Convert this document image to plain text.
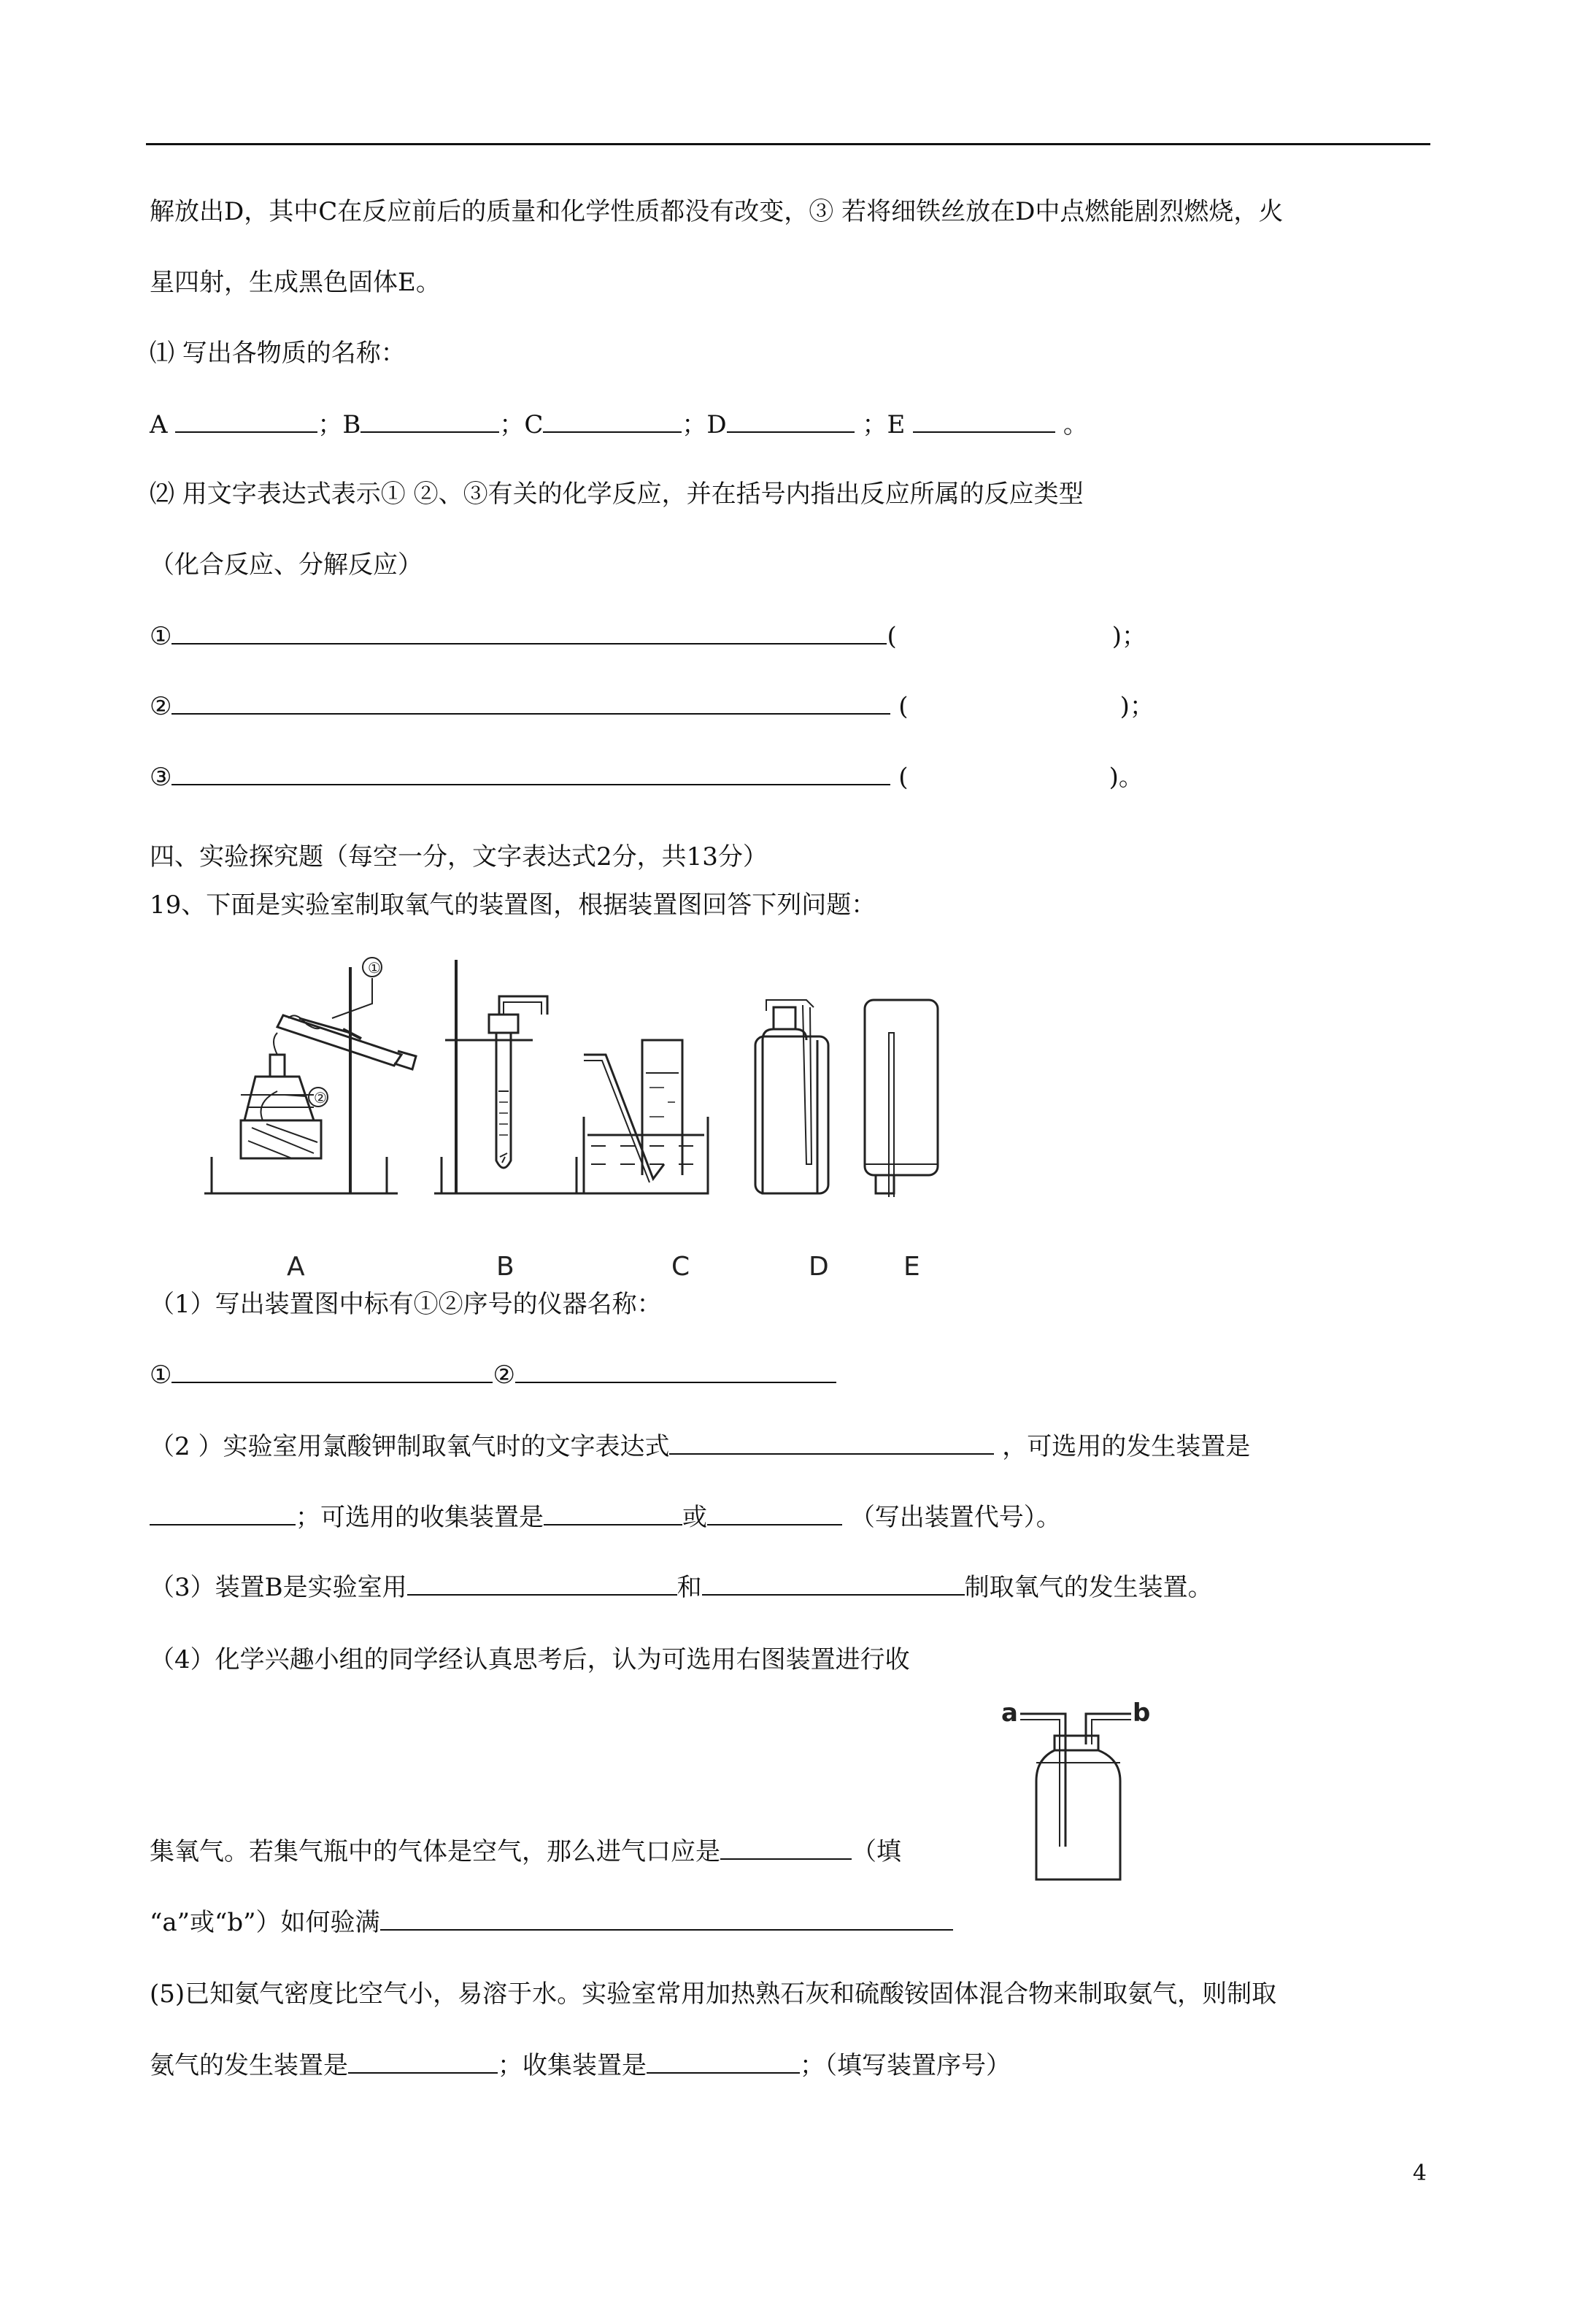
解放出D，其中C在反应前后的质量和化学性质都没有改变，③ 若将细铁丝放在D中点燃能剧烈燃烧，火
星四射，生成黑色固体E。
⑴ 写出各物质的名称：
A	；B	；C	；D	；E	。
⑵ 用文字表达式表示① ②、③有关的化学反应，并在括号内指出反应所属的反应类型
（化合反应、分解反应）
①	(	)；
②	(	)；
③	(	)。
四、实验探究题（每空一分，文字表达式2分，共13分）
19、下面是实验室制取氧气的装置图，根据装置图回答下列问题：
①
②
A	B	C	D	E
（1）写出装置图中标有①②序号的仪器名称：
①	②
（2 ）实验室用氯酸钾制取氧气时的文字表达式	，可选用的发生装置是
；可选用的收集装置是	或	（写出装置代号）。
（3）装置B是实验室用	和	制取氧气的发生装置。
（4）化学兴趣小组的同学经认真思考后，认为可选用右图装置进行收
a	b
集氧气。若集气瓶中的气体是空气，那么进气口应是	（填
“a”或“b”）如何验满
(5)已知氨气密度比空气小，易溶于水。实验室常用加热熟石灰和硫酸铵固体混合物来制取氨气，则制取
氨气的发生装置是	；收集装置是	；（填写装置序号）
4
